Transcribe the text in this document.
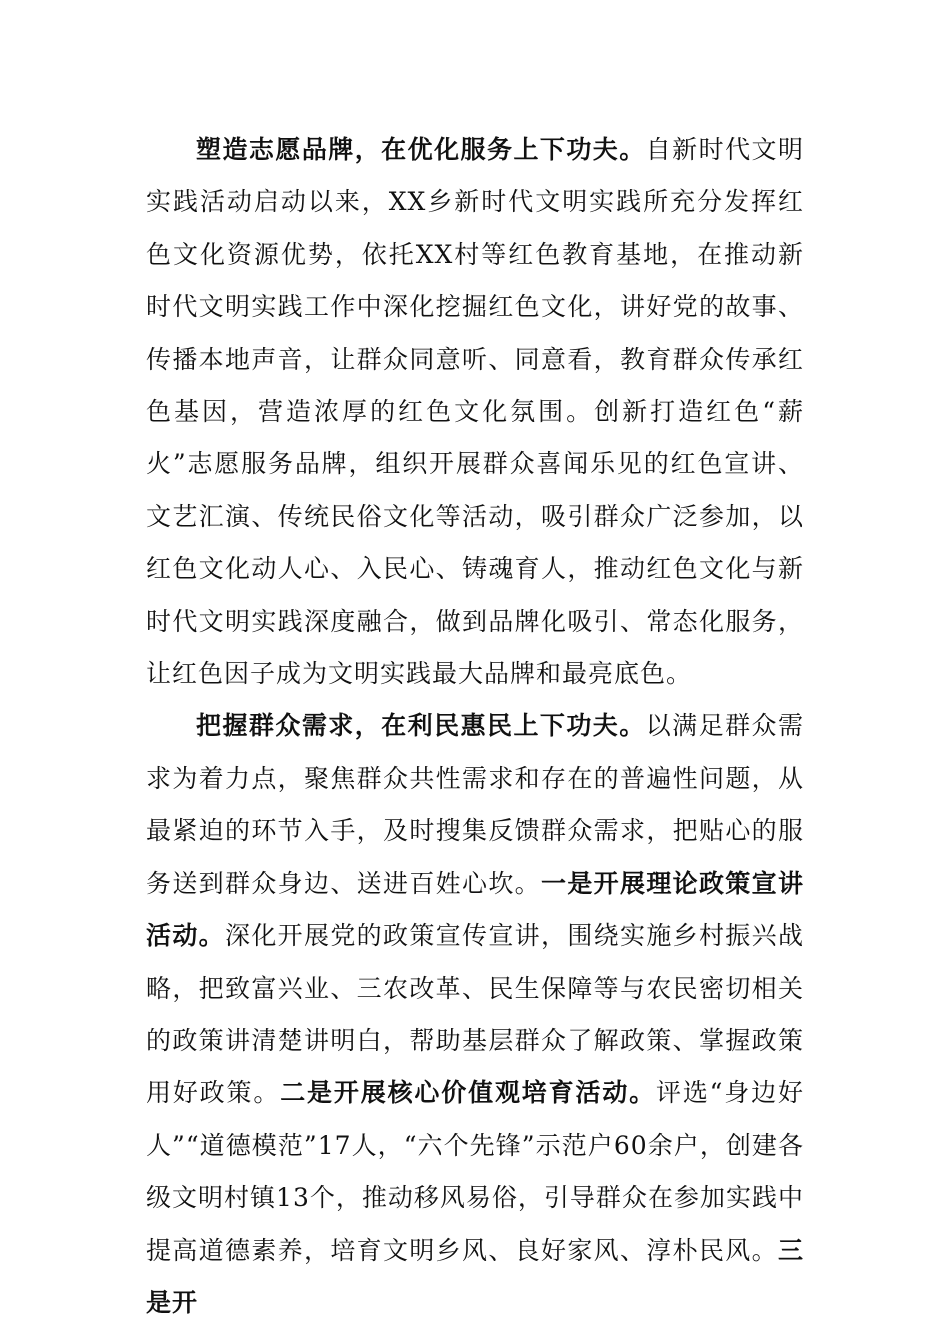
塑造志愿品牌，在优化服务上下功夫。自新时代文明实践活动启动以来，XX乡新时代文明实践所充分发挥红色文化资源优势，依托XX村等红色教育基地，在推动新时代文明实践工作中深化挖掘红色文化，讲好党的故事、传播本地声音，让群众同意听、同意看，教育群众传承红色基因，营造浓厚的红色文化氛围。创新打造红色“薪火”志愿服务品牌，组织开展群众喜闻乐见的红色宣讲、文艺汇演、传统民俗文化等活动，吸引群众广泛参加，以红色文化动人心、入民心、铸魂育人，推动红色文化与新时代文明实践深度融合，做到品牌化吸引、常态化服务，让红色因子成为文明实践最大品牌和最亮底色。

把握群众需求，在利民惠民上下功夫。以满足群众需求为着力点，聚焦群众共性需求和存在的普遍性问题，从最紧迫的环节入手，及时搜集反馈群众需求，把贴心的服务送到群众身边、送进百姓心坎。一是开展理论政策宣讲活动。深化开展党的政策宣传宣讲，围绕实施乡村振兴战略，把致富兴业、三农改革、民生保障等与农民密切相关的政策讲清楚讲明白，帮助基层群众了解政策、掌握政策用好政策。二是开展核心价值观培育活动。评选“身边好人”“道德模范”17人，“六个先锋”示范户60余户，创建各级文明村镇13个，推动移风易俗，引导群众在参加实践中提高道德素养，培育文明乡风、良好家风、淳朴民风。三是开
